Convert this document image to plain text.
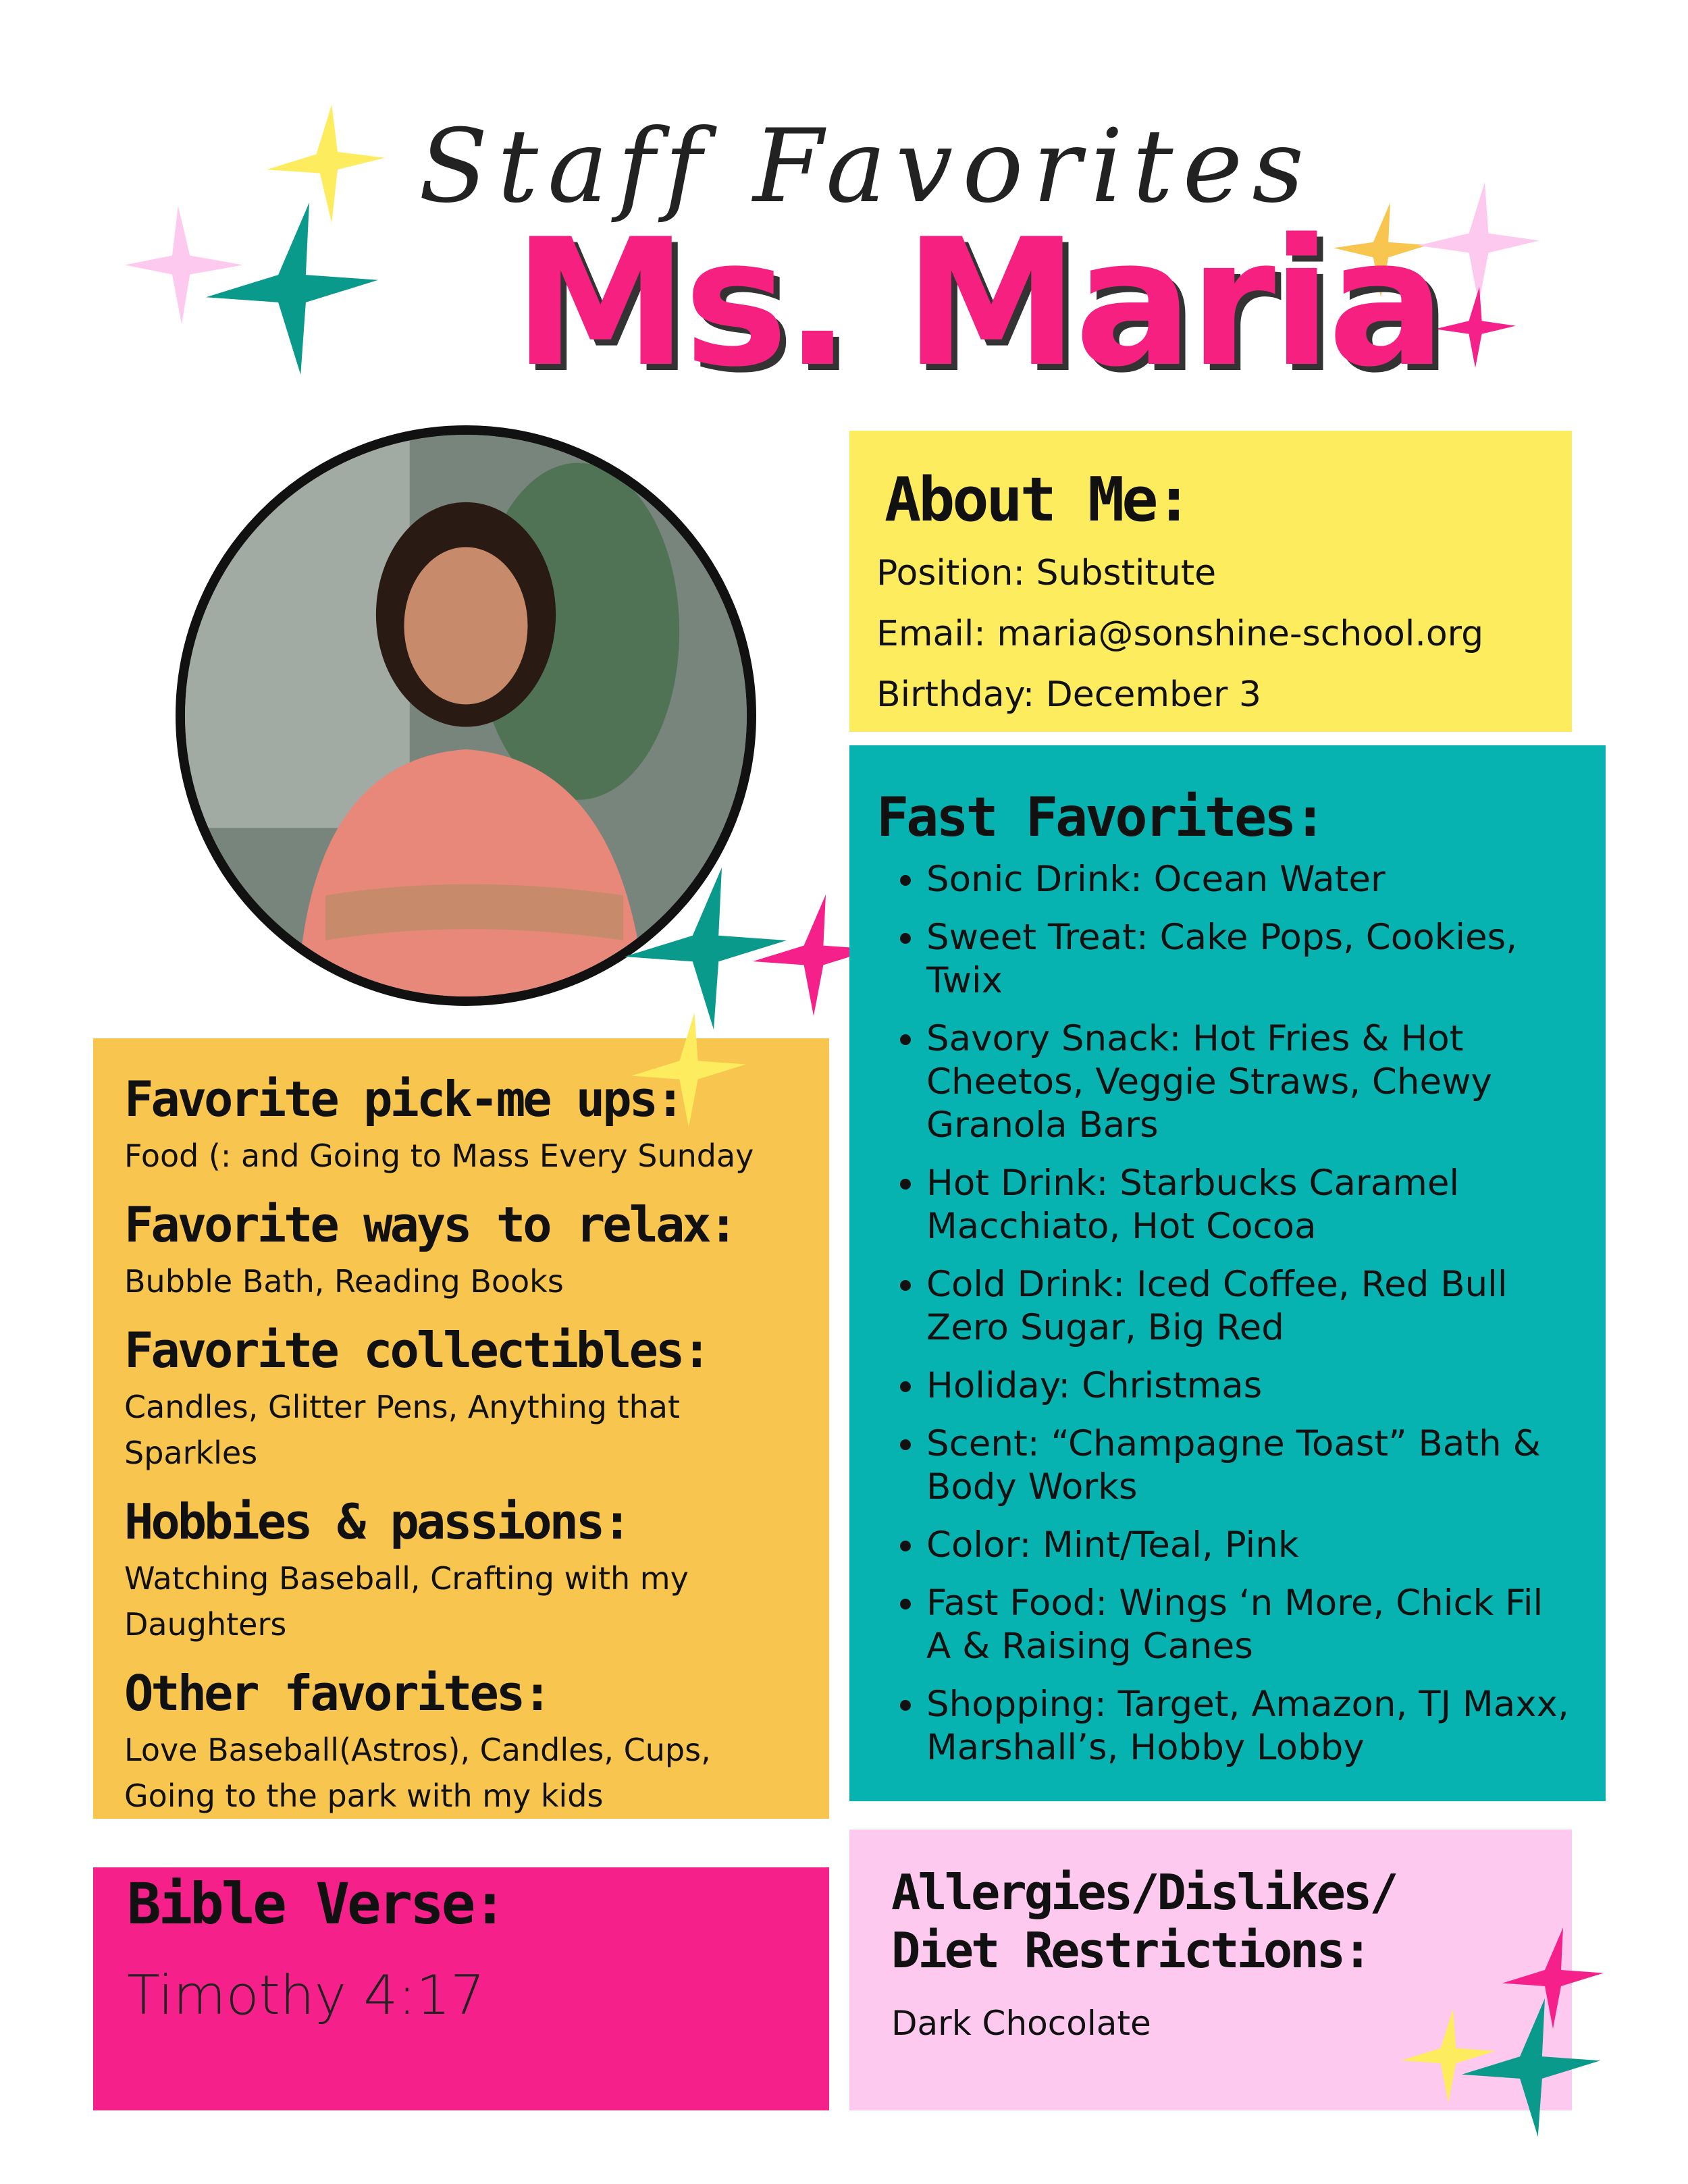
Staff Favorites
Ms. Maria
About Me:

Position: Substitute

Email: maria@sonshine-school.org

Birthday: December 3

Fast Favorites:
• Sonic Drink: Ocean Water
• Sweet Treat: Cake Pops, Cookies, Twix
• Savory Snack: Hot Fries & Hot Cheetos, Veggie Straws, Chewy Granola Bars
• Hot Drink: Starbucks Caramel Macchiato, Hot Cocoa
• Cold Drink: Iced Coffee, Red Bull Zero Sugar, Big Red
• Holiday: Christmas
• Scent: “Champagne Toast” Bath & Body Works
• Color: Mint/Teal, Pink
• Fast Food: Wings ‘n More, Chick Fil A & Raising Canes
• Shopping: Target, Amazon, TJ Maxx, Marshall’s, Hobby Lobby
Favorite pick-me ups:

Food (: and Going to Mass Every Sunday

Favorite ways to relax:

Bubble Bath, Reading Books

Favorite collectibles:

Candles, Glitter Pens, Anything that Sparkles

Hobbies & passions:

Watching Baseball, Crafting with my Daughters

Other favorites:

Love Baseball(Astros), Candles, Cups, Going to the park with my kids

Bible Verse:

Timothy 4:17

Allergies/Dislikes/
Diet Restrictions:

Dark Chocolate
